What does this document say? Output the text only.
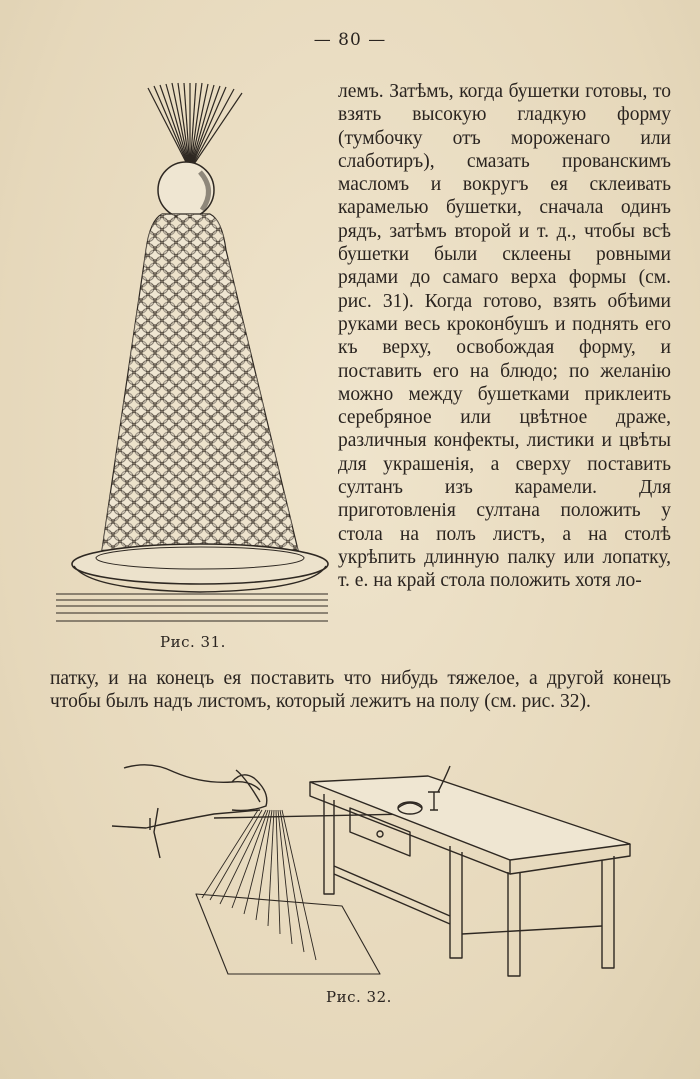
— 80 —
Рис. 31.

лемъ. Затѣмъ, когда бушетки готовы, то взять высокую гладкую форму (тумбочку отъ мороженаго или слаботиръ), смазать прованскимъ масломъ и вокругъ ея склеивать карамелью бушетки, сначала одинъ рядъ, затѣмъ второй и т. д., чтобы всѣ бушетки были склеены ровными рядами до самаго верха формы (см. рис. 31). Когда готово, взять обѣими руками весь кроконбушъ и поднять его къ верху, освобождая форму, и поставить его на блюдо; по желанію можно между бушетками приклеить серебряное или цвѣтное драже, различныя конфекты, листики и цвѣты для украшенія, а сверху поставить султанъ изъ карамели. Для приготовленія султана положить у стола на полъ листъ, а на столѣ укрѣпить длинную палку или лопатку, т. е. на край стола положить хотя ло-

патку, и на конецъ ея поставить что нибудь тяжелое, а другой конецъ чтобы былъ надъ листомъ, который лежитъ на полу (см. рис. 32).

Рис. 32.
